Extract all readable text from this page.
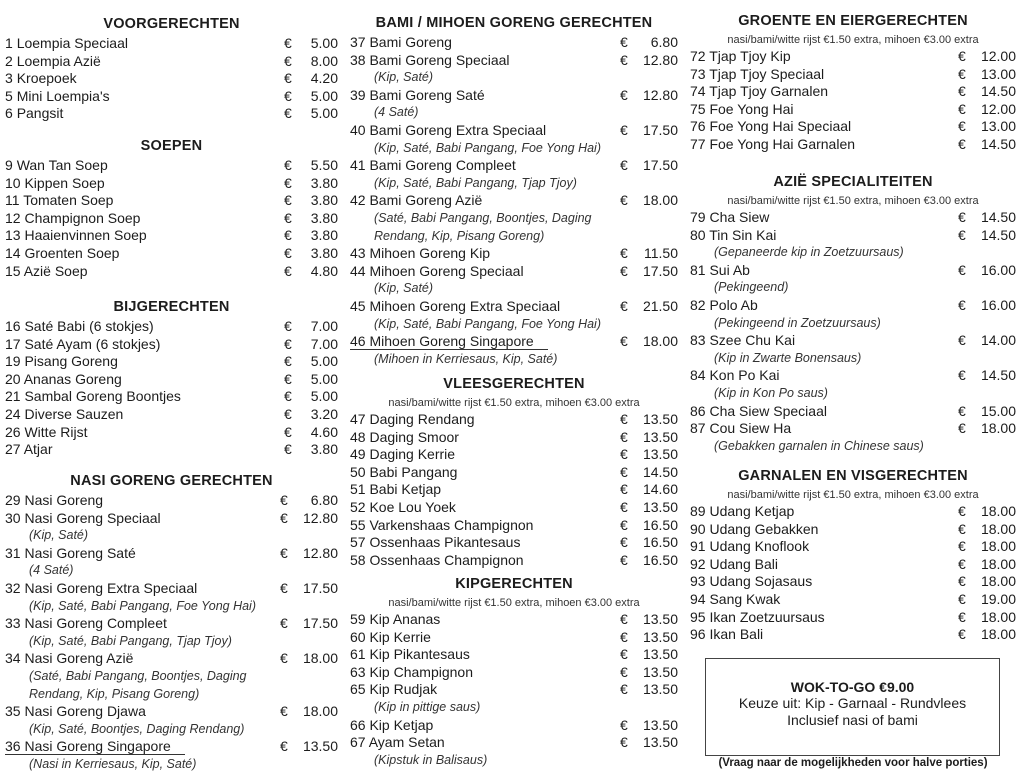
VOORGERECHTEN
1 Loempia Speciaal	€ 5.00
2 Loempia Azië	€ 8.00
3 Kroepoek	€ 4.20
5 Mini Loempia's	€ 5.00
6 Pangsit	€ 5.00
SOEPEN
9 Wan Tan Soep	€ 5.50
10 Kippen Soep	€ 3.80
11 Tomaten Soep	€ 3.80
12 Champignon Soep	€ 3.80
13 Haaienvinnen Soep	€ 3.80
14 Groenten Soep	€ 3.80
15 Azië Soep	€ 4.80
BIJGERECHTEN
16 Saté Babi (6 stokjes)	€ 7.00
17 Saté Ayam (6 stokjes)	€ 7.00
19 Pisang Goreng	€ 5.00
20 Ananas Goreng	€ 5.00
21 Sambal Goreng Boontjes	€ 5.00
24 Diverse Sauzen	€ 3.20
26 Witte Rijst	€ 4.60
27 Atjar	€ 3.80
NASI GORENG GERECHTEN
29 Nasi Goreng	€ 6.80
30 Nasi Goreng Speciaal	€ 12.80
(Kip, Saté)
31 Nasi Goreng Saté	€ 12.80
(4 Saté)
32 Nasi Goreng Extra Speciaal	€ 17.50
(Kip, Saté, Babi Pangang, Foe Yong Hai)
33 Nasi Goreng Compleet	€ 17.50
(Kip, Saté, Babi Pangang, Tjap Tjoy)
34 Nasi Goreng Azië	€ 18.00
(Saté, Babi Pangang, Boontjes, Daging
Rendang, Kip, Pisang Goreng)
35 Nasi Goreng Djawa	€ 18.00
(Kip, Saté, Boontjes, Daging Rendang)
36 Nasi Goreng Singapore	€ 13.50
(Nasi in Kerriesaus, Kip, Saté)
BAMI / MIHOEN GORENG GERECHTEN
37 Bami Goreng	€ 6.80
38 Bami Goreng Speciaal	€ 12.80
(Kip, Saté)
39 Bami Goreng Saté	€ 12.80
(4 Saté)
40 Bami Goreng Extra Speciaal	€ 17.50
(Kip, Saté, Babi Pangang, Foe Yong Hai)
41 Bami Goreng Compleet	€ 17.50
(Kip, Saté, Babi Pangang, Tjap Tjoy)
42 Bami Goreng Azië	€ 18.00
(Saté, Babi Pangang, Boontjes, Daging
Rendang, Kip, Pisang Goreng)
43 Mihoen Goreng Kip	€ 11.50
44 Mihoen Goreng Speciaal	€ 17.50
(Kip, Saté)
45 Mihoen Goreng Extra Speciaal	€ 21.50
(Kip, Saté, Babi Pangang, Foe Yong Hai)
46 Mihoen Goreng Singapore	€ 18.00
(Mihoen in Kerriesaus, Kip, Saté)
VLEESGERECHTEN
nasi/bami/witte rijst €1.50 extra, mihoen €3.00 extra
47 Daging Rendang	€ 13.50
48 Daging Smoor	€ 13.50
49 Daging Kerrie	€ 13.50
50 Babi Pangang	€ 14.50
51 Babi Ketjap	€ 14.60
52 Koe Lou Yoek	€ 13.50
55 Varkenshaas Champignon	€ 16.50
57 Ossenhaas Pikantesaus	€ 16.50
58 Ossenhaas Champignon	€ 16.50
KIPGERECHTEN
nasi/bami/witte rijst €1.50 extra, mihoen €3.00 extra
59 Kip Ananas	€ 13.50
60 Kip Kerrie	€ 13.50
61 Kip Pikantesaus	€ 13.50
63 Kip Champignon	€ 13.50
65 Kip Rudjak	€ 13.50
(Kip in pittige saus)
66 Kip Ketjap	€ 13.50
67 Ayam Setan	€ 13.50
(Kipstuk in Balisaus)
GROENTE EN EIERGERECHTEN
nasi/bami/witte rijst €1.50 extra, mihoen €3.00 extra
72 Tjap Tjoy Kip	€ 12.00
73 Tjap Tjoy Speciaal	€ 13.00
74 Tjap Tjoy Garnalen	€ 14.50
75 Foe Yong Hai	€ 12.00
76 Foe Yong Hai Speciaal	€ 13.00
77 Foe Yong Hai Garnalen	€ 14.50
AZIË SPECIALITEITEN
nasi/bami/witte rijst €1.50 extra, mihoen €3.00 extra
79 Cha Siew	€ 14.50
80 Tin Sin Kai	€ 14.50
(Gepaneerde kip in Zoetzuursaus)
81 Sui Ab	€ 16.00
(Pekingeend)
82 Polo Ab	€ 16.00
(Pekingeend in Zoetzuursaus)
83 Szee Chu Kai	€ 14.00
(Kip in Zwarte Bonensaus)
84 Kon Po Kai	€ 14.50
(Kip in Kon Po saus)
86 Cha Siew Speciaal	€ 15.00
87 Cou Siew Ha	€ 18.00
(Gebakken garnalen in Chinese saus)
GARNALEN EN VISGERECHTEN
nasi/bami/witte rijst €1.50 extra, mihoen €3.00 extra
89 Udang Ketjap	€ 18.00
90 Udang Gebakken	€ 18.00
91 Udang Knoflook	€ 18.00
92 Udang Bali	€ 18.00
93 Udang Sojasaus	€ 18.00
94 Sang Kwak	€ 19.00
95 Ikan Zoetzuursaus	€ 18.00
96 Ikan Bali	€ 18.00
WOK-TO-GO €9.00
Keuze uit: Kip - Garnaal - Rundvlees
Inclusief nasi of bami
(Vraag naar de mogelijkheden voor halve porties)
